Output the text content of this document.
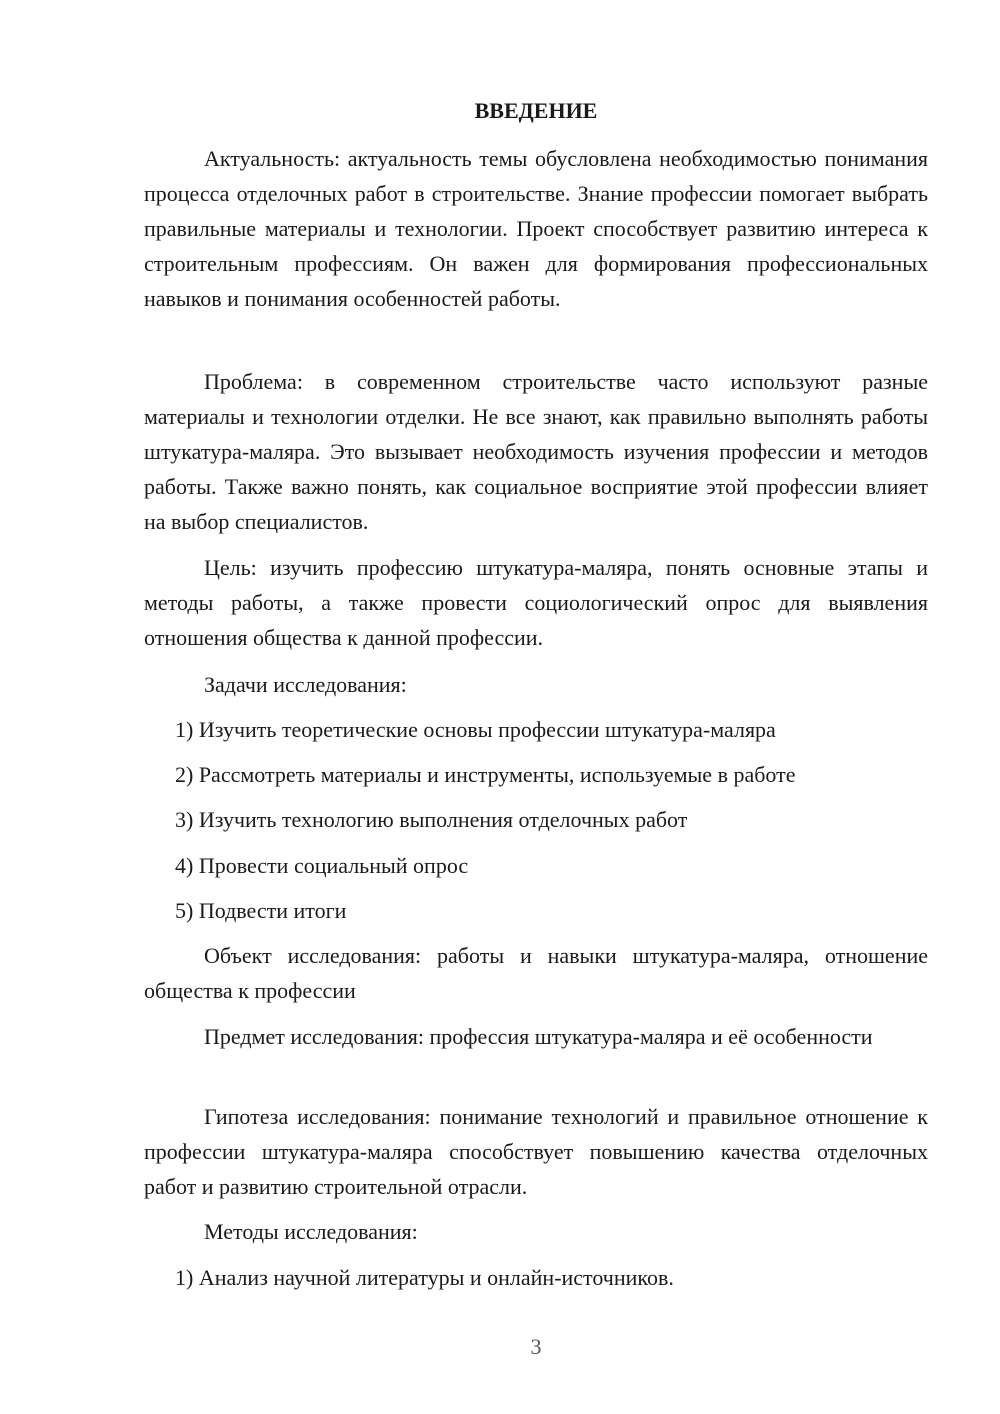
ВВЕДЕНИЕ

Актуальность: актуальность темы обусловлена необходимостью понимания процесса отделочных работ в строительстве. Знание профессии помогает выбрать правильные материалы и технологии. Проект способствует развитию интереса к строительным профессиям. Он важен для формирования профессиональных навыков и понимания особенностей работы.

Проблема: в современном строительстве часто используют разные материалы и технологии отделки. Не все знают, как правильно выполнять работы штукатура-маляра. Это вызывает необходимость изучения профессии и методов работы. Также важно понять, как социальное восприятие этой профессии влияет на выбор специалистов.

Цель: изучить профессию штукатура-маляра, понять основные этапы и методы работы, а также провести социологический опрос для выявления отношения общества к данной профессии.

Задачи исследования:

1) Изучить теоретические основы профессии штукатура-маляра
2) Рассмотреть материалы и инструменты, используемые в работе
3) Изучить технологию выполнения отделочных работ
4) Провести социальный опрос
5) Подвести итоги

Объект исследования: работы и навыки штукатура-маляра, отношение общества к профессии

Предмет исследования: профессия штукатура-маляра и её особенности

Гипотеза исследования: понимание технологий и правильное отношение к профессии штукатура-маляра способствует повышению качества отделочных работ и развитию строительной отрасли.

Методы исследования:

1) Анализ научной литературы и онлайн-источников.
3
